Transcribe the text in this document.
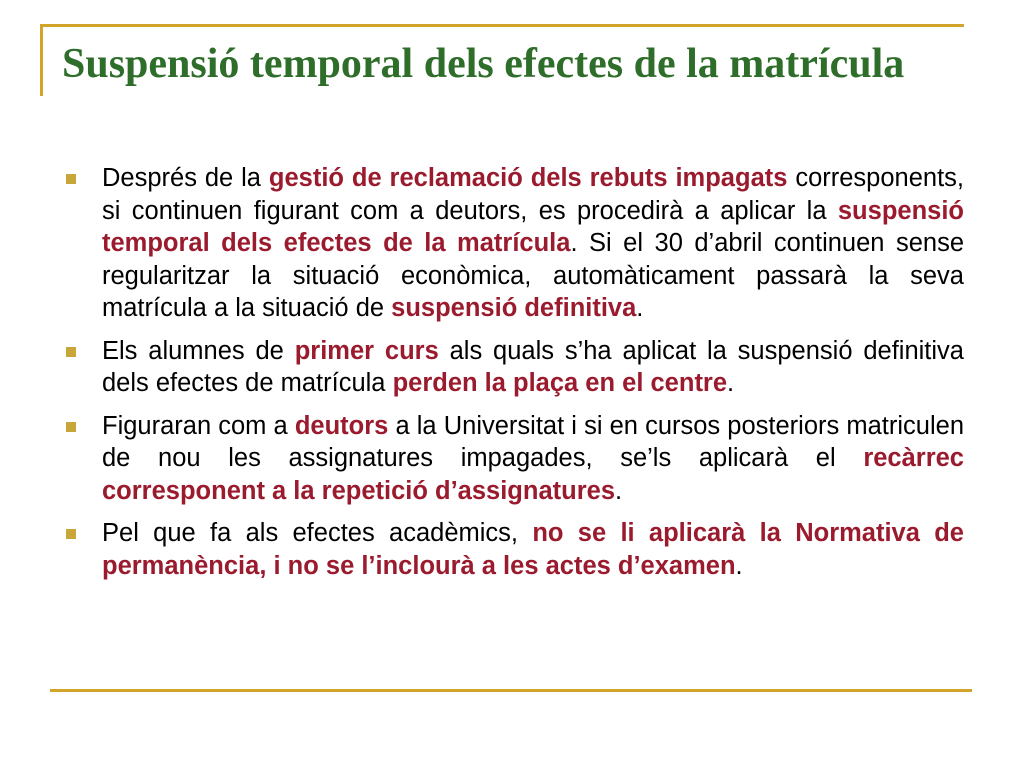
Suspensió temporal dels efectes de la matrícula
Després de la gestió de reclamació dels rebuts impagats corresponents, si continuen figurant com a deutors, es procedirà a aplicar la suspensió temporal dels efectes de la matrícula. Si el 30 d’abril continuen sense regularitzar la situació econòmica, automàticament passarà la seva matrícula a la situació de suspensió definitiva.
Els alumnes de primer curs als quals s’ha aplicat la suspensió definitiva dels efectes de matrícula perden la plaça en el centre.
Figuraran com a deutors a la Universitat i si en cursos posteriors matriculen de nou les assignatures impagades, se’ls aplicarà el recàrrec corresponent a la repetició d’assignatures.
Pel que fa als efectes acadèmics, no se li aplicarà la Normativa de permanència, i no se l’inclourà a les actes d’examen.
